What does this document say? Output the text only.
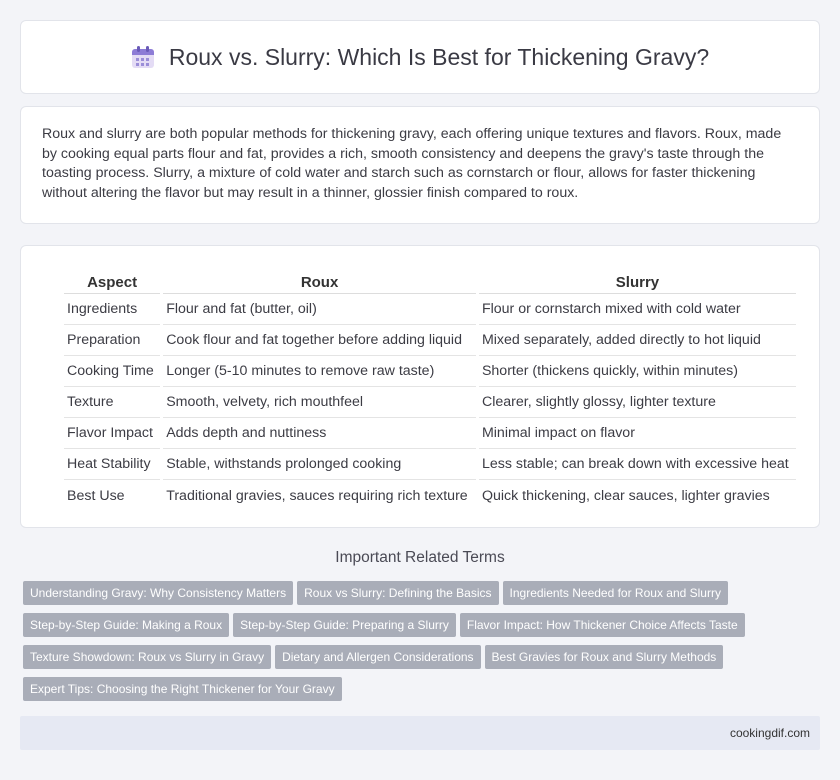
Roux vs. Slurry: Which Is Best for Thickening Gravy?

Roux and slurry are both popular methods for thickening gravy, each offering unique textures and flavors. Roux, made by cooking equal parts flour and fat, provides a rich, smooth consistency and deepens the gravy's taste through the toasting process. Slurry, a mixture of cold water and starch such as cornstarch or flour, allows for faster thickening without altering the flavor but may result in a thinner, glossier finish compared to roux.

Aspect	Roux	Slurry
Ingredients	Flour and fat (butter, oil)	Flour or cornstarch mixed with cold water
Preparation	Cook flour and fat together before adding liquid	Mixed separately, added directly to hot liquid
Cooking Time	Longer (5-10 minutes to remove raw taste)	Shorter (thickens quickly, within minutes)
Texture	Smooth, velvety, rich mouthfeel	Clearer, slightly glossy, lighter texture
Flavor Impact	Adds depth and nuttiness	Minimal impact on flavor
Heat Stability	Stable, withstands prolonged cooking	Less stable; can break down with excessive heat
Best Use	Traditional gravies, sauces requiring rich texture	Quick thickening, clear sauces, lighter gravies
Important Related Terms
Understanding Gravy: Why Consistency Matters Roux vs Slurry: Defining the Basics Ingredients Needed for Roux and Slurry
Step-by-Step Guide: Making a Roux Step-by-Step Guide: Preparing a Slurry Flavor Impact: How Thickener Choice Affects Taste
Texture Showdown: Roux vs Slurry in Gravy Dietary and Allergen Considerations Best Gravies for Roux and Slurry Methods
Expert Tips: Choosing the Right Thickener for Your Gravy
cookingdif.com
